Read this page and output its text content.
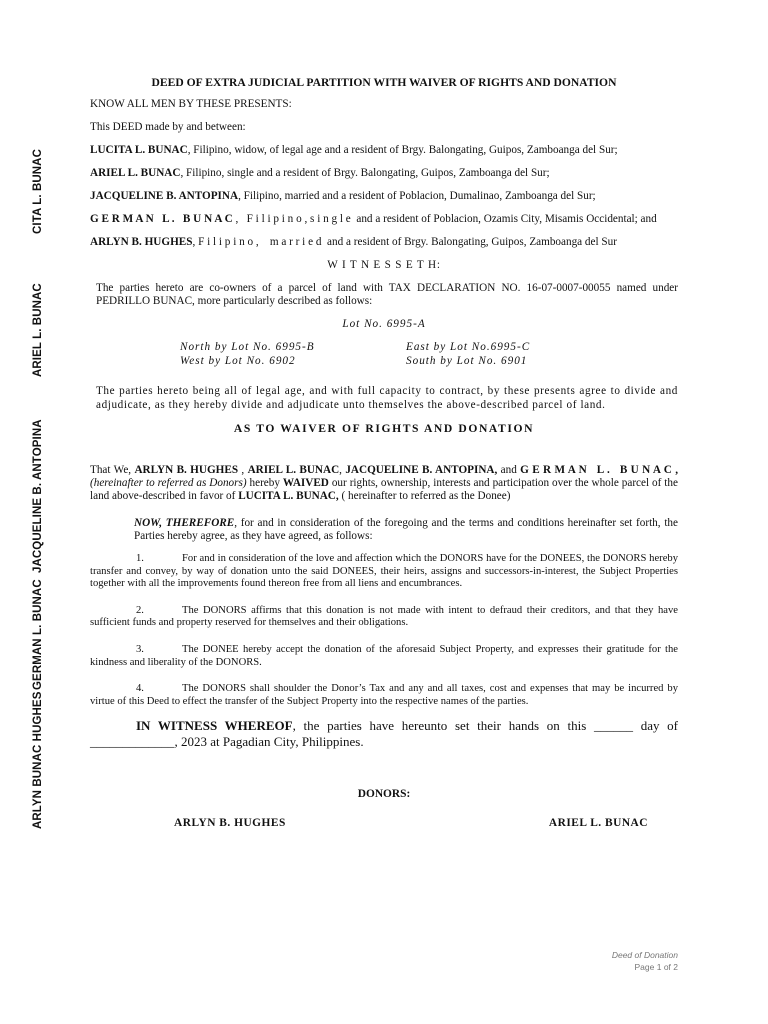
CITA L. BUNAC
ARIEL L. BUNAC
JACQUELINE B. ANTOPINA
GERMAN L. BUNAC
ARLYN BUNAC HUGHES
DEED OF EXTRA JUDICIAL PARTITION WITH WAIVER OF RIGHTS AND DONATION

KNOW ALL MEN BY THESE PRESENTS:

This DEED made by and between:

LUCITA L. BUNAC, Filipino, widow, of legal age and a resident of Brgy. Balongating, Guipos, Zamboanga del Sur;

ARIEL L. BUNAC, Filipino, single and a resident of Brgy. Balongating, Guipos, Zamboanga del Sur;

JACQUELINE B. ANTOPINA, Filipino, married and a resident of Poblacion, Dumalinao, Zamboanga del Sur;

G E R M A N   L .   B U N A C ,   F i l i p i n o , s i n g l e  and a resident of Poblacion, Ozamis City, Misamis Occidental; and

ARLYN B. HUGHES, F i l i p i n o ,    m a r r i e d  and a resident of Brgy. Balongating, Guipos, Zamboanga del Sur

W I T N E S S E T H:

The parties hereto are co-owners of a parcel of land with TAX DECLARATION NO. 16-07-0007-00055 named under PEDRILLO BUNAC, more particularly described as follows:

Lot No. 6995-A
North by Lot No. 6995-B	East by Lot No.6995-C
West by Lot No. 6902	South by Lot No. 6901

The parties hereto being all of legal age, and with full capacity to contract, by these presents agree to divide and adjudicate, as they hereby divide and adjudicate unto themselves the above-described parcel of land.

AS TO WAIVER OF RIGHTS AND DONATION

That We, ARLYN B. HUGHES , ARIEL L. BUNAC, JACQUELINE B. ANTOPINA, and G E R M A N   L .   B U N A C , (hereinafter to referred as Donors) hereby WAIVED our rights, ownership, interests and participation over the whole parcel of the land above-described in favor of LUCITA L. BUNAC, ( hereinafter to referred as the Donee)

NOW, THEREFORE, for and in consideration of the foregoing and the terms and conditions hereinafter set forth, the Parties hereby agree, as they have agreed, as follows:

1.	For and in consideration of the love and affection which the DONORS have for the DONEES, the DONORS hereby transfer and convey, by way of donation unto the said DONEES, their heirs, assigns and successors-in-interest, the Subject Properties together with all the improvements found thereon free from all liens and encumbrances.

2.	The DONORS affirms that this donation is not made with intent to defraud their creditors, and that they have sufficient funds and property reserved for themselves and their obligations.

3.	The DONEE hereby accept the donation of the aforesaid Subject Property, and expresses their gratitude for the kindness and liberality of the DONORS.

4.	The DONORS shall shoulder the Donor’s Tax and any and all taxes, cost and expenses that may be incurred by virtue of this Deed to effect the transfer of the Subject Property into the respective names of the parties.

IN WITNESS WHEREOF, the parties have hereunto set their hands on this ______ day of _____________, 2023 at Pagadian City, Philippines.

DONORS:
ARLYN B. HUGHES	ARIEL L. BUNAC
Deed of Donation
Page 1 of 2
